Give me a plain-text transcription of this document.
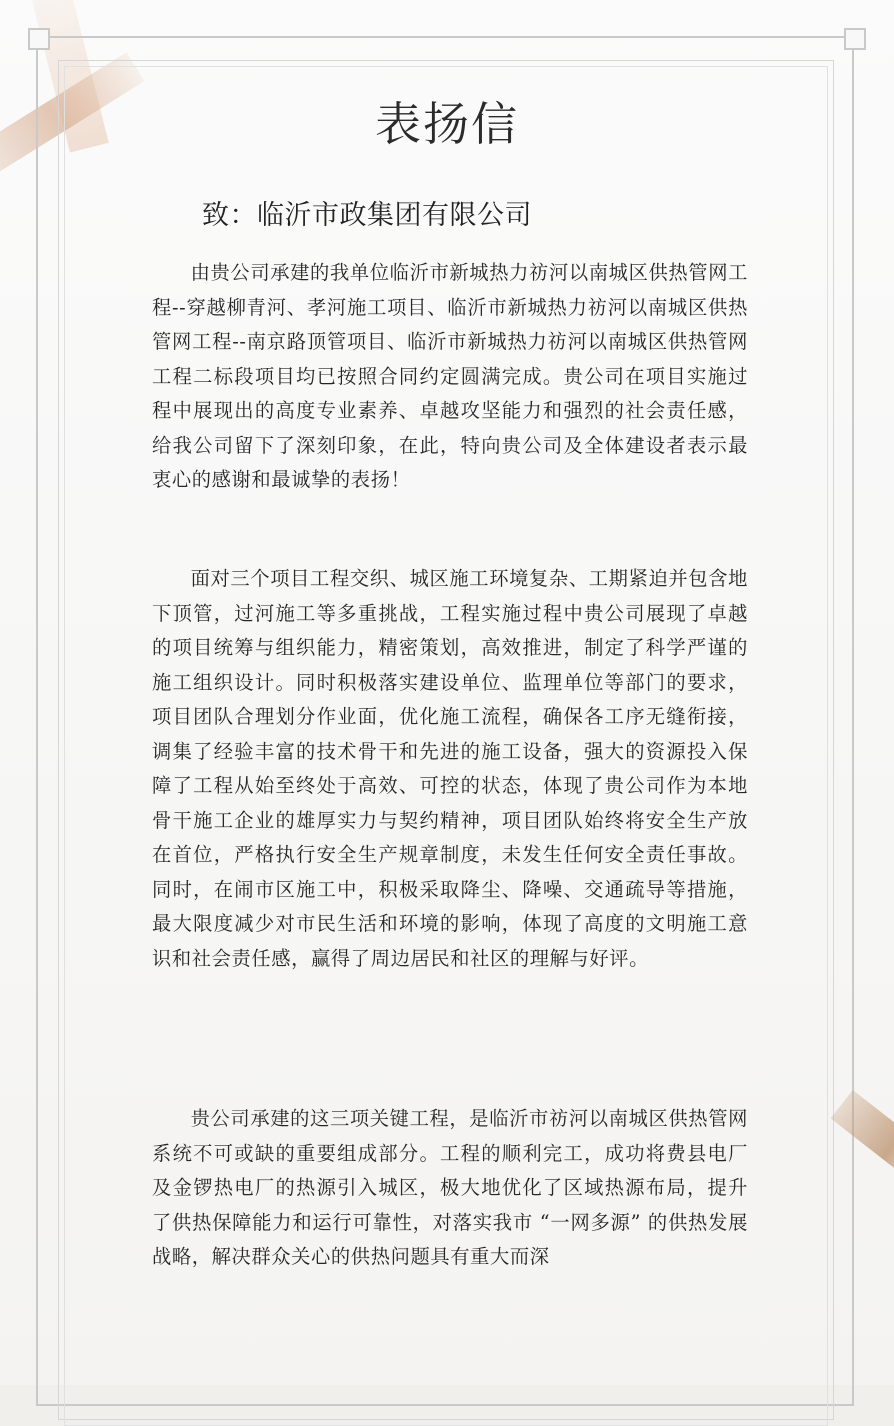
表扬信
致：临沂市政集团有限公司
由贵公司承建的我单位临沂市新城热力祊河以南城区供热管网工程--穿越柳青河、孝河施工项目、临沂市新城热力祊河以南城区供热管网工程--南京路顶管项目、临沂市新城热力祊河以南城区供热管网工程二标段项目均已按照合同约定圆满完成。贵公司在项目实施过程中展现出的高度专业素养、卓越攻坚能力和强烈的社会责任感，给我公司留下了深刻印象，在此，特向贵公司及全体建设者表示最衷心的感谢和最诚挚的表扬！
面对三个项目工程交织、城区施工环境复杂、工期紧迫并包含地下顶管，过河施工等多重挑战，工程实施过程中贵公司展现了卓越的项目统筹与组织能力，精密策划，高效推进，制定了科学严谨的施工组织设计。同时积极落实建设单位、监理单位等部门的要求，项目团队合理划分作业面，优化施工流程，确保各工序无缝衔接，调集了经验丰富的技术骨干和先进的施工设备，强大的资源投入保障了工程从始至终处于高效、可控的状态，体现了贵公司作为本地骨干施工企业的雄厚实力与契约精神，项目团队始终将安全生产放在首位，严格执行安全生产规章制度，未发生任何安全责任事故。同时，在闹市区施工中，积极采取降尘、降噪、交通疏导等措施，最大限度减少对市民生活和环境的影响，体现了高度的文明施工意识和社会责任感，赢得了周边居民和社区的理解与好评。
贵公司承建的这三项关键工程，是临沂市祊河以南城区供热管网系统不可或缺的重要组成部分。工程的顺利完工，成功将费县电厂及金锣热电厂的热源引入城区，极大地优化了区域热源布局，提升了供热保障能力和运行可靠性，对落实我市 “一网多源” 的供热发展战略，解决群众关心的供热问题具有重大而深
